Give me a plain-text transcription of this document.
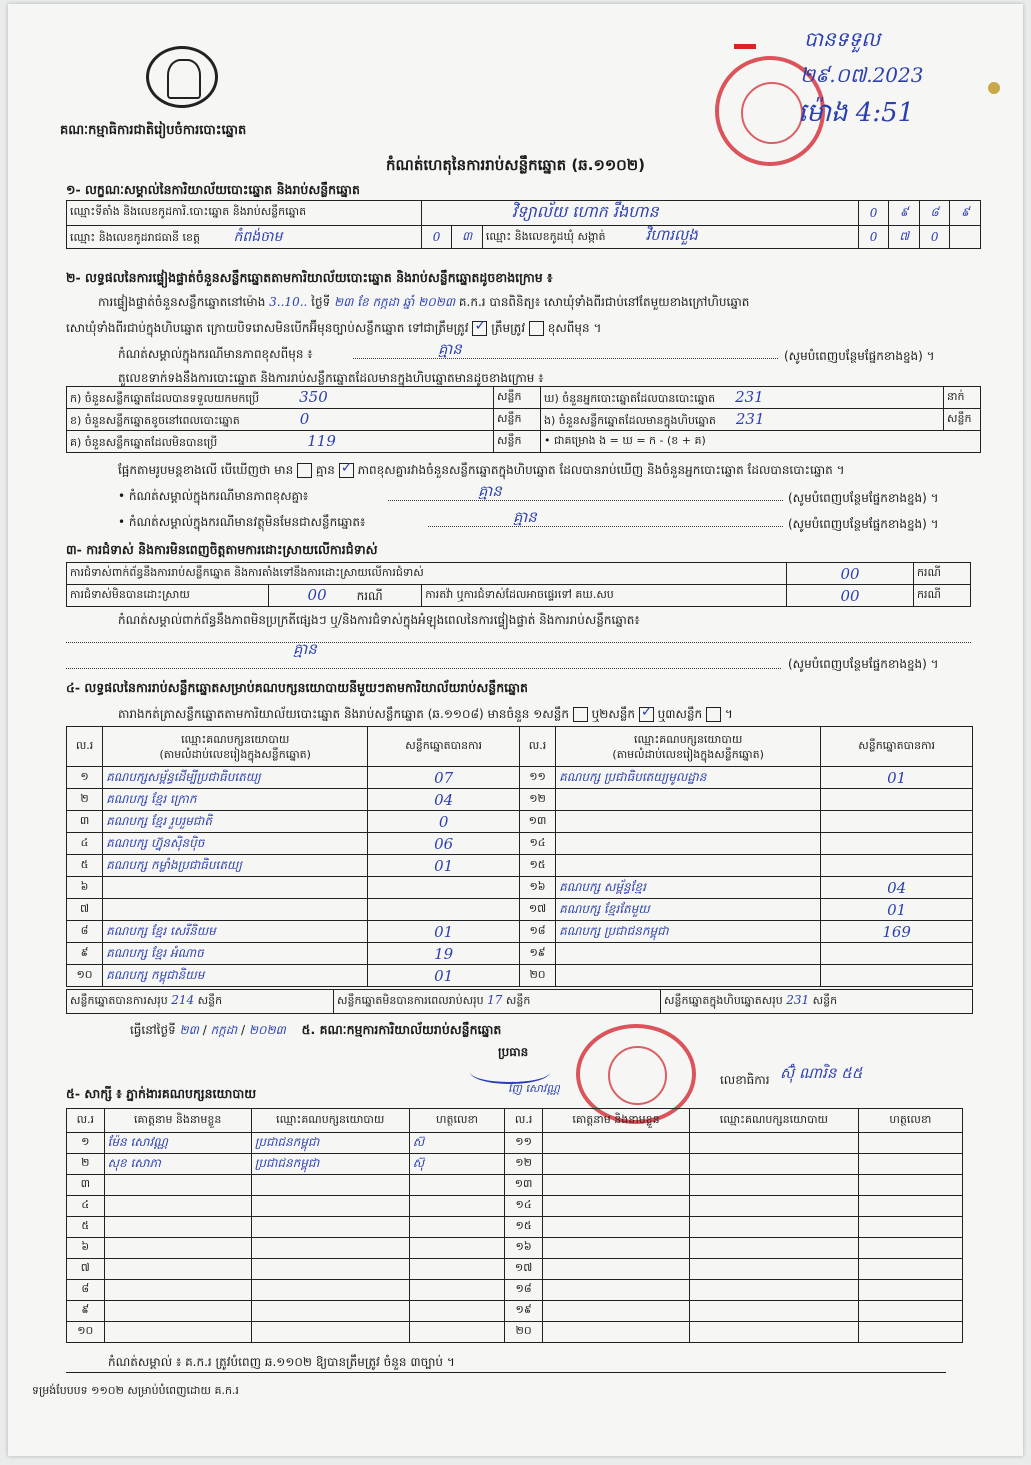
គណៈកម្មាធិការជាតិរៀបចំការបោះឆ្នោត
បានទទួល
២៩.០៧.2023
ម៉ោង 4:51
កំណត់ហេតុនៃការរាប់សន្លឹកឆ្នោត (ឆ.១១០២)
១- លក្ខណៈសម្គាល់នៃការិយាល័យបោះឆ្នោត និងរាប់សន្លឹកឆ្នោត
ឈ្មោះទីតាំង និងលេខកូដការិ.បោះឆ្នោត និងរាប់សន្លឹកឆ្នោត	វិទ្យាល័យ ហោក រឹងហាន			0	៩	៨	៩
ឈ្មោះ និងលេខកូដរាជធានី ខេត្ត កំពង់ចាម	0	៣	ឈ្មោះ និងលេខកូដឃុំ សង្កាត់ វិហារលួង	0	៧	0	
២- លទ្ធផលនៃការផ្ទៀងផ្ទាត់ចំនួនសន្លឹកឆ្នោតតាមការិយាល័យបោះឆ្នោត និងរាប់សន្លឹកឆ្នោតដូចខាងក្រោម ៖
ការផ្ទៀងផ្ទាត់ចំនួនសន្លឹកឆ្នោតនៅម៉ោង 3..10.. ថ្ងៃទី ២៣ ខែ កក្កដា ឆ្នាំ ២០២៣ គ.ក.រ បានពិនិត្យ៖ សោឃុំទាំងពីរជាប់នៅតែមួយខាងក្រៅហិបឆ្នោត
សោឃុំទាំងពីរជាប់ក្នុងហិបឆ្នោត ក្រោយបិទរោសមិនបើកអ៊ីមុនច្បាប់សន្លឹកឆ្នោត ទៅជាត្រឹមត្រូវ ✓ ត្រឹមត្រូវ ខុសពីមុន ។
កំណត់សម្គាល់ក្នុងករណីមានភាពខុសពីមុន ៖	គ្មាន	(សូមបំពេញបន្ថែមផ្នែកខាងខ្នង) ។
តួលេខទាក់ទងនឹងការបោះឆ្នោត និងការរាប់សន្លឹកឆ្នោតដែលមានក្នុងហិបឆ្នោតមានដូចខាងក្រោម ៖
ក) ចំនួនសន្លឹកឆ្នោតដែលបានទទួលយកមកប្រើ 350	សន្លឹក	ឃ) ចំនួនអ្នកបោះឆ្នោតដែលបានបោះឆ្នោត 231	នាក់
ខ) ចំនួនសន្លឹកឆ្នោតខូចនៅពេលបោះឆ្នោត 0	សន្លឹក	ង) ចំនួនសន្លឹកឆ្នោតដែលមានក្នុងហិបឆ្នោត 231	សន្លឹក
គ) ចំនួនសន្លឹកឆ្នោតដែលមិនបានប្រើ 119	សន្លឹក	• ជាគម្រោង ង = ឃ = ក - (ខ + គ)	
ផ្អែកតាមរូបមន្តខាងលើ បើឃើញថា មាន គ្មាន ✓ ភាពខុសគ្នារវាងចំនួនសន្លឹកឆ្នោតក្នុងហិបឆ្នោត ដែលបានរាប់ឃើញ និងចំនួនអ្នកបោះឆ្នោត ដែលបានបោះឆ្នោត ។
• កំណត់សម្គាល់ក្នុងករណីមានភាពខុសគ្នា៖	គ្មាន	(សូមបំពេញបន្ថែមផ្នែកខាងខ្នង) ។
• កំណត់សម្គាល់ក្នុងករណីមានវត្ថុមិនមែនជាសន្លឹកឆ្នោត៖	គ្មាន	(សូមបំពេញបន្ថែមផ្នែកខាងខ្នង) ។
៣- ការជំទាស់ និងការមិនពេញចិត្តតាមការដោះស្រាយលើការជំទាស់
ការជំទាស់ពាក់ព័ន្ធនឹងការរាប់សន្លឹកឆ្នោត និងការតាំងទៅនឹងការដោះស្រាយលើការជំទាស់			00	ករណី
ការជំទាស់មិនបានដោះស្រាយ	00 ករណី	ការតវ៉ា ឬការជំទាស់ដែលអាចផ្ទេរទៅ គឃ.សប	00	ករណី
កំណត់សម្គាល់ពាក់ព័ន្ធនឹងភាពមិនប្រក្រតីផ្សេងៗ ឬ/និងការជំទាស់ក្នុងអំឡុងពេលនៃការផ្ទៀងផ្ទាត់ និងការរាប់សន្លឹកឆ្នោត៖
គ្មាន
(សូមបំពេញបន្ថែមផ្នែកខាងខ្នង) ។
៤- លទ្ធផលនៃការរាប់សន្លឹកឆ្នោតសម្រាប់គណបក្សនយោបាយនីមួយៗតាមការិយាល័យរាប់សន្លឹកឆ្នោត
តារាងកត់ត្រាសន្លឹកឆ្នោតតាមការិយាល័យបោះឆ្នោត និងរាប់សន្លឹកឆ្នោត (ឆ.១១០៨) មានចំនួន ១សន្លឹក ឬ២សន្លឹក ✓ ឬ៣សន្លឹក  ។
ល.រ	ឈ្មោះគណបក្សនយោបាយ
(តាមលំដាប់លេខរៀងក្នុងសន្លឹកឆ្នោត)	សន្លឹកឆ្នោតបានការ	ល.រ	ឈ្មោះគណបក្សនយោបាយ
(តាមលំដាប់លេខរៀងក្នុងសន្លឹកឆ្នោត)	សន្លឹកឆ្នោតបានការ
១	គណបក្សសម្ព័ន្ធដើម្បីប្រជាធិបតេយ្យ	07	១១	គណបក្ស ប្រជាធិបតេយ្យមូលដ្ឋាន	01
២	គណបក្ស ខ្មែរ ក្រោក	04	១២		
៣	គណបក្ស ខ្មែរ រួបរួមជាតិ	0	១៣		
៤	គណបក្ស ហ្វ៊ុនស៊ិនប៉ិច	06	១៤		
៥	គណបក្ស កម្លាំងប្រជាធិបតេយ្យ	01	១៥		
៦			១៦	គណបក្ស សម្ព័ន្ធខ្មែរ	04
៧			១៧	គណបក្ស ខ្មែរតែមួយ	01
៨	គណបក្ស ខ្មែរ សេរីនិយម	01	១៨	គណបក្ស ប្រជាជនកម្ពុជា	169
៩	គណបក្ស ខ្មែរ អំណាច	19	១៩		
១០	គណបក្ស កម្ពុជានិយម	01	២០		
សន្លឹកឆ្នោតបានការសរុប 214 សន្លឹក	សន្លឹកឆ្នោតមិនបានការពេលរាប់សរុប 17 សន្លឹក	សន្លឹកឆ្នោតក្នុងហិបឆ្នោតសរុប 231 សន្លឹក
ធ្វើនៅថ្ងៃទី ២៣ / កក្កដា / ២០២៣ ៥. គណៈកម្មការការិយាល័យរាប់សន្លឹកឆ្នោត
ប្រធាន
ញ៉ែ សោវណ្ណ
លេខាធិការ ស៊ុំ ណារិន ៥៥
៥- សាក្សី ៖ ភ្នាក់ងារគណបក្សនយោបាយ
ល.រ	គោត្តនាម និងនាមខ្លួន	ឈ្មោះគណបក្សនយោបាយ	ហត្ថលេខា	ល.រ	គោត្តនាម និងនាមខ្លួន	ឈ្មោះគណបក្សនយោបាយ	ហត្ថលេខា
១	ម៉ែន សោវណ្ណ	ប្រជាជនកម្ពុជា	ស៊	១១			
២	សុខ សោភា	ប្រជាជនកម្ពុជា	ស៊ុ	១២			
៣				១៣			
៤				១៤			
៥				១៥			
៦				១៦			
៧				១៧			
៨				១៨			
៩				១៩			
១០				២០			
កំណត់សម្គាល់ ៖ គ.ក.រ ត្រូវបំពេញ ឆ.១១០២ ឱ្យបានត្រឹមត្រូវ ចំនួន ៣ច្បាប់ ។
ទម្រង់បែបបទ ១១០២ សម្រាប់បំពេញដោយ គ.ក.រ
